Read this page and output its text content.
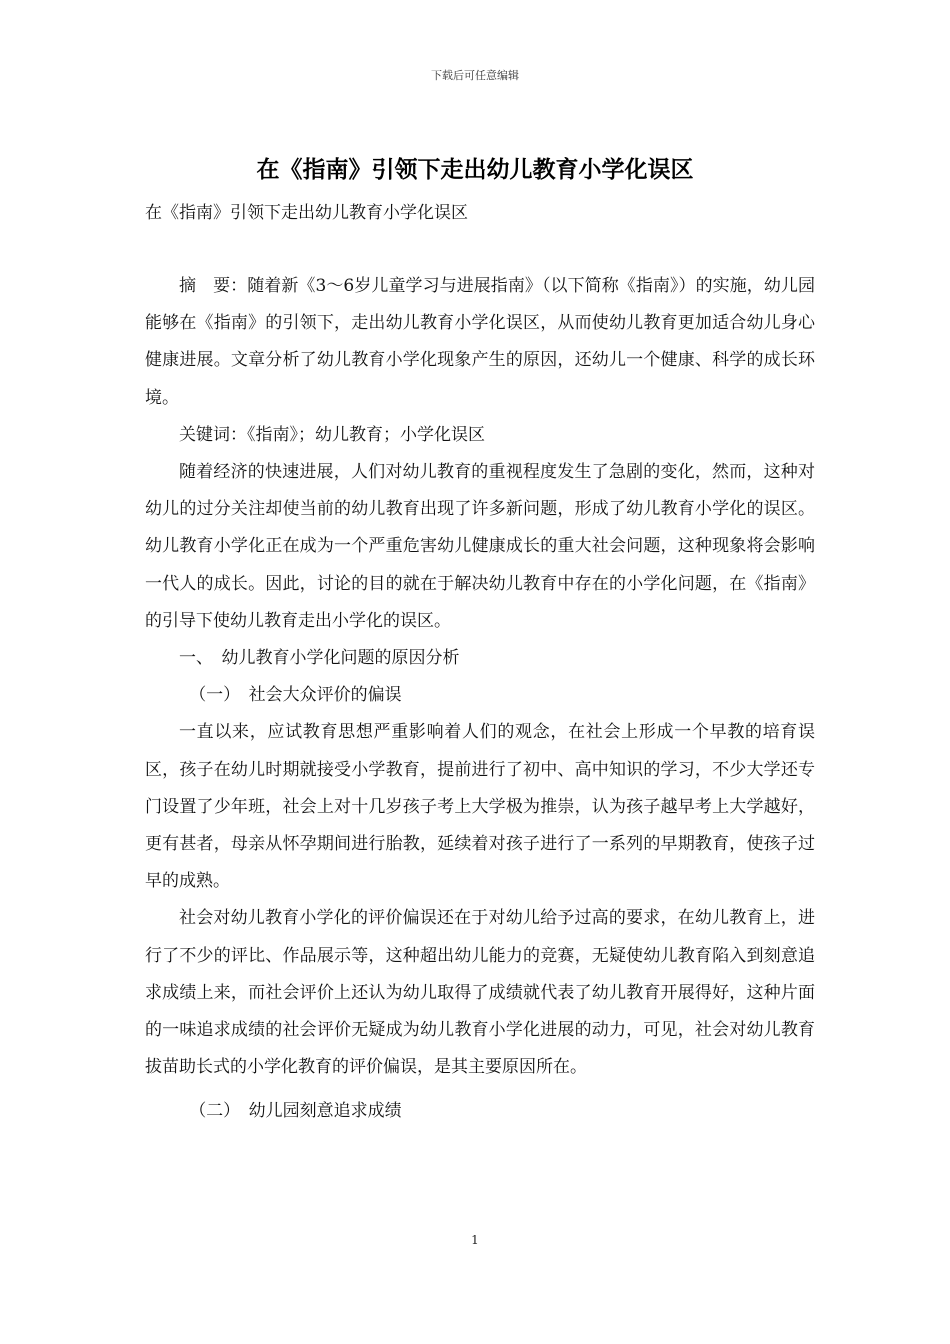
下载后可任意编辑
在《指南》引领下走出幼儿教育小学化误区
在《指南》引领下走出幼儿教育小学化误区

摘　要：随着新《3～6岁儿童学习与进展指南》（以下简称《指南》）的实施，幼儿园能够在《指南》的引领下，走出幼儿教育小学化误区，从而使幼儿教育更加适合幼儿身心健康进展。文章分析了幼儿教育小学化现象产生的原因，还幼儿一个健康、科学的成长环境。

关键词：《指南》；幼儿教育；小学化误区

随着经济的快速进展，人们对幼儿教育的重视程度发生了急剧的变化，然而，这种对幼儿的过分关注却使当前的幼儿教育出现了许多新问题，形成了幼儿教育小学化的误区。幼儿教育小学化正在成为一个严重危害幼儿健康成长的重大社会问题，这种现象将会影响一代人的成长。因此，讨论的目的就在于解决幼儿教育中存在的小学化问题，在《指南》的引导下使幼儿教育走出小学化的误区。

一、　幼儿教育小学化问题的原因分析

（一）　社会大众评价的偏误

一直以来，应试教育思想严重影响着人们的观念，在社会上形成一个早教的培育误区，孩子在幼儿时期就接受小学教育，提前进行了初中、高中知识的学习，不少大学还专门设置了少年班，社会上对十几岁孩子考上大学极为推崇，认为孩子越早考上大学越好，更有甚者，母亲从怀孕期间进行胎教，延续着对孩子进行了一系列的早期教育，使孩子过早的成熟。

社会对幼儿教育小学化的评价偏误还在于对幼儿给予过高的要求，在幼儿教育上，进行了不少的评比、作品展示等，这种超出幼儿能力的竞赛，无疑使幼儿教育陷入到刻意追求成绩上来，而社会评价上还认为幼儿取得了成绩就代表了幼儿教育开展得好，这种片面的一味追求成绩的社会评价无疑成为幼儿教育小学化进展的动力，可见，社会对幼儿教育拔苗助长式的小学化教育的评价偏误，是其主要原因所在。

（二）　幼儿园刻意追求成绩

1
